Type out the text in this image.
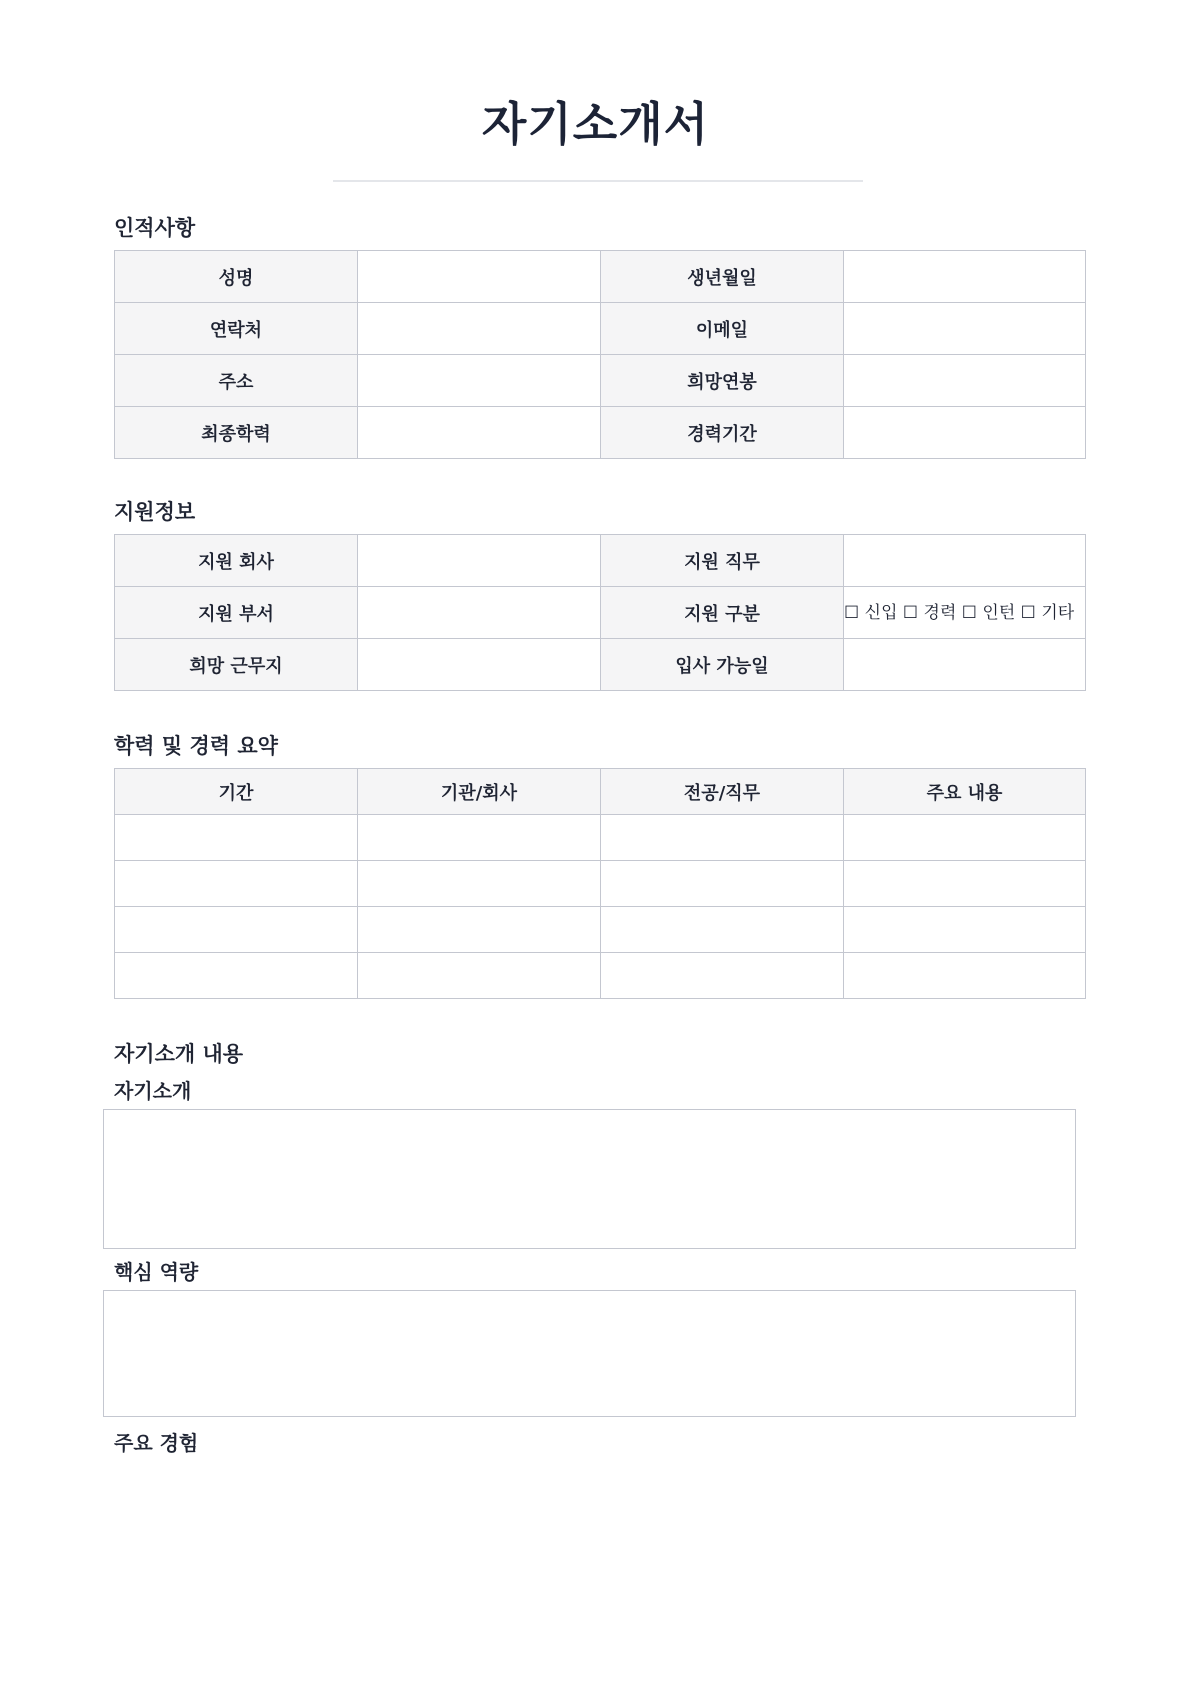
자기소개서
인적사항
성명		생년월일	
연락처		이메일	
주소		희망연봉	
최종학력		경력기간	
지원정보
지원 회사		지원 직무	
지원 부서		지원 구분	☐ 신입 ☐ 경력 ☐ 인턴 ☐ 기타
희망 근무지		입사 가능일	
학력 및 경력 요약
기간	기관/회사	전공/직무	주요 내용

자기소개 내용
자기소개
핵심 역량
주요 경험
